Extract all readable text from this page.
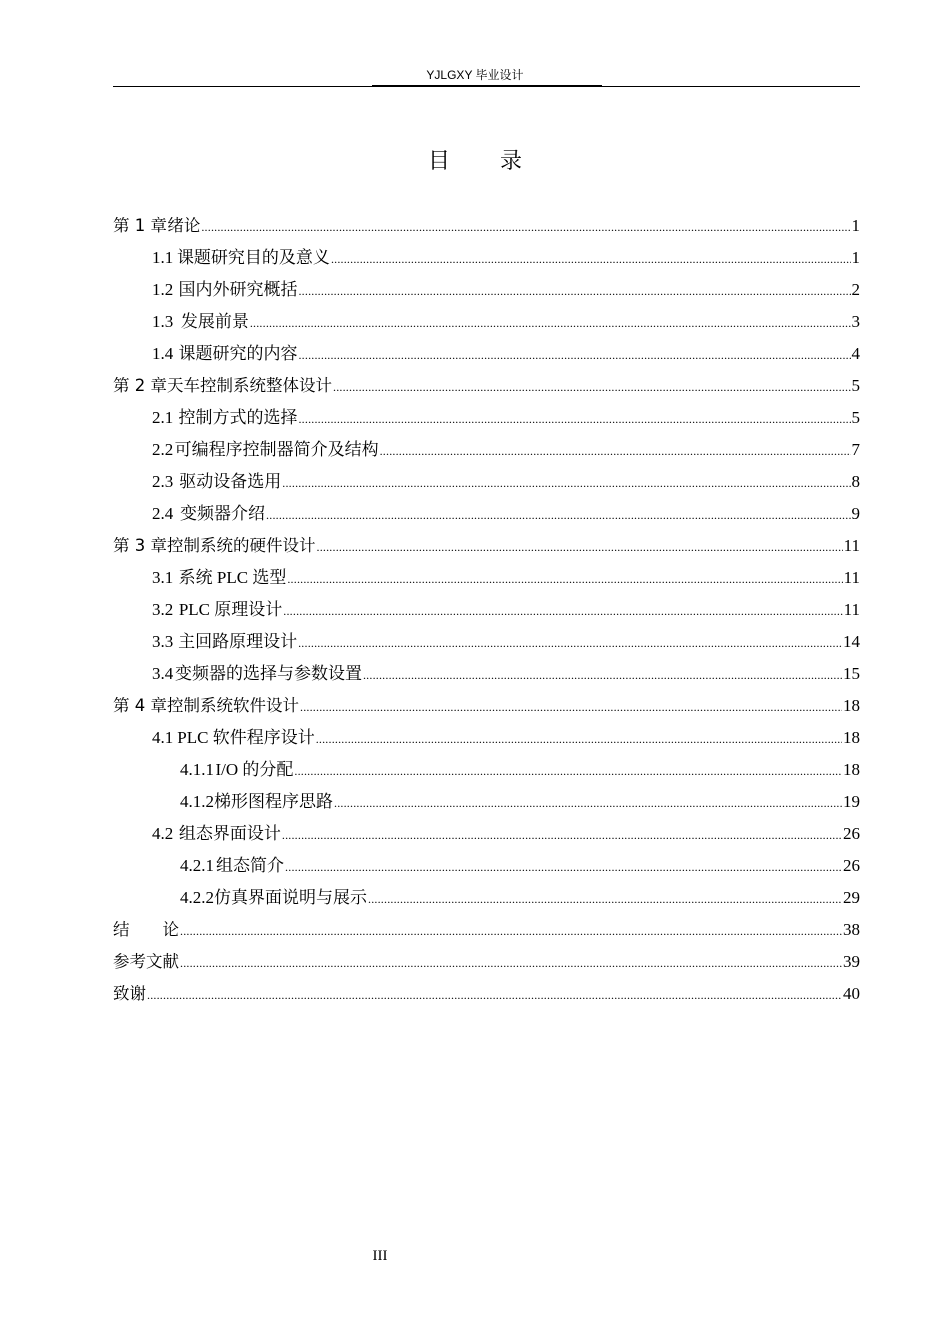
YJLGXY 毕业设计
目 录
第 1 章 绪论 .....	1
1.1 课题研究目的及意义 .....	1
1.2 国内外研究概括 .....	2
1.3 发展前景 .....	3
1.4 课题研究的内容 .....	4
第 2 章 天车控制系统整体设计 .....	5
2.1 控制方式的选择 .....	5
2.2 可编程序控制器简介及结构 .....	7
2.3 驱动设备选用 .....	8
2.4 变频器介绍 .....	9
第 3 章 控制系统的硬件设计 .....	11
3.1 系统 PLC 选型 .....	11
3.2 PLC 原理设计 .....	11
3.3 主回路原理设计 .....	14
3.4 变频器的选择与参数设置 .....	15
第 4 章 控制系统软件设计 .....	18
4.1 PLC 软件程序设计 .....	18
4.1.1 I/O 的分配 .....	18
4.1.2 梯形图程序思路 .....	19
4.2 组态界面设计 .....	26
4.2.1 组态简介 .....	26
4.2.2 仿真界面说明与展示 .....	29
结　　论 .....	38
参考文献 .....	39
致谢 .....	40
III
